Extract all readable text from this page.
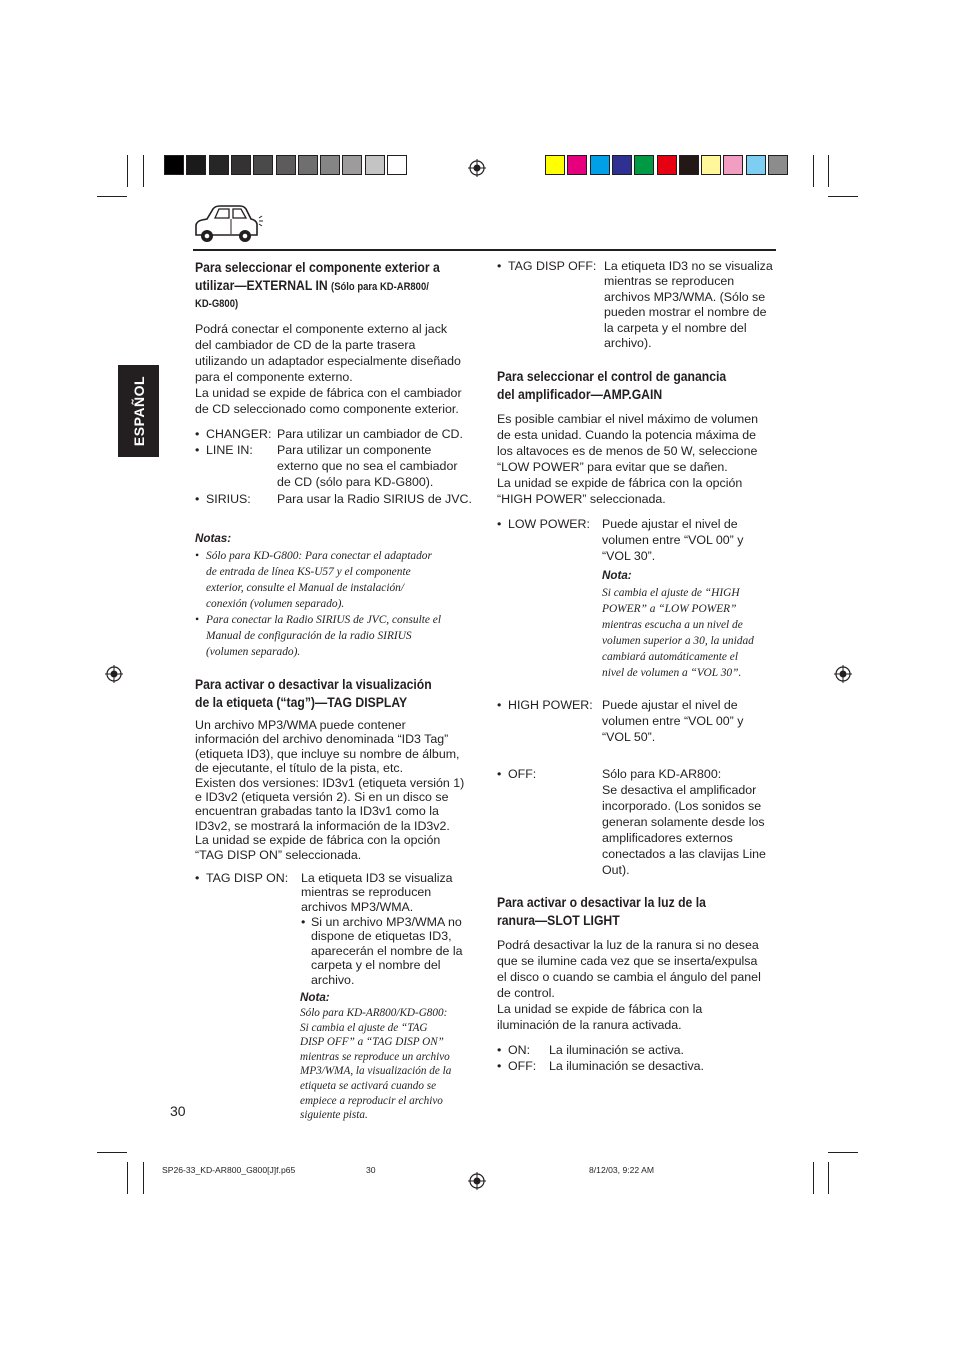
ESPAÑOL
Para seleccionar el componente exterior a
utilizar—EXTERNAL IN (Sólo para KD-AR800/
KD-G800)
Podrá conectar el componente externo al jack
del cambiador de CD de la parte trasera
utilizando un adaptador especialmente diseñado
para el componente externo.
La unidad se expide de fábrica con el cambiador
de CD seleccionado como componente exterior.
• CHANGER: Para utilizar un cambiador de CD.
• LINE IN: Para utilizar un componente
externo que no sea el cambiador
de CD (sólo para KD-G800).
• SIRIUS: Para usar la Radio SIRIUS de JVC.
Notas:
• Sólo para KD-G800: Para conectar el adaptador
de entrada de línea KS-U57 y el componente
exterior, consulte el Manual de instalación/
conexión (volumen separado).
• Para conectar la Radio SIRIUS de JVC, consulte el
Manual de configuración de la radio SIRIUS
(volumen separado).
Para activar o desactivar la visualización
de la etiqueta (“tag”)—TAG DISPLAY
Un archivo MP3/WMA puede contener
información del archivo denominada “ID3 Tag”
(etiqueta ID3), que incluye su nombre de álbum,
de ejecutante, el título de la pista, etc.
Existen dos versiones: ID3v1 (etiqueta versión 1)
e ID3v2 (etiqueta versión 2). Si en un disco se
encuentran grabadas tanto la ID3v1 como la
ID3v2, se mostrará la información de la ID3v2.
La unidad se expide de fábrica con la opción
“TAG DISP ON” seleccionada.
• TAG DISP ON: La etiqueta ID3 se visualiza
mientras se reproducen
archivos MP3/WMA.
• Si un archivo MP3/WMA no
dispone de etiquetas ID3,
aparecerán el nombre de la
carpeta y el nombre del
archivo.
Nota:
Sólo para KD-AR800/KD-G800:
Si cambia el ajuste de “TAG
DISP OFF” a “TAG DISP ON”
mientras se reproduce un archivo
MP3/WMA, la visualización de la
etiqueta se activará cuando se
empiece a reproducir el archivo
siguiente pista.
30
• TAG DISP OFF: La etiqueta ID3 no se visualiza
mientras se reproducen
archivos MP3/WMA. (Sólo se
pueden mostrar el nombre de
la carpeta y el nombre del
archivo).
Para seleccionar el control de ganancia
del amplificador—AMP.GAIN
Es posible cambiar el nivel máximo de volumen
de esta unidad. Cuando la potencia máxima de
los altavoces es de menos de 50 W, seleccione
“LOW POWER” para evitar que se dañen.
La unidad se expide de fábrica con la opción
“HIGH POWER” seleccionada.
• LOW POWER: Puede ajustar el nivel de
volumen entre “VOL 00” y
“VOL 30”.
Nota:
Si cambia el ajuste de “HIGH
POWER” a “LOW POWER”
mientras escucha a un nivel de
volumen superior a 30, la unidad
cambiará automáticamente el
nivel de volumen a “VOL 30”.
• HIGH POWER: Puede ajustar el nivel de
volumen entre “VOL 00” y
“VOL 50”.
• OFF:	Sólo para KD-AR800:
Se desactiva el amplificador
incorporado. (Los sonidos se
generan solamente desde los
amplificadores externos
conectados a las clavijas Line
Out).
Para activar o desactivar la luz de la
ranura—SLOT LIGHT
Podrá desactivar la luz de la ranura si no desea
que se ilumine cada vez que se inserta/expulsa
el disco o cuando se cambia el ángulo del panel
de control.
La unidad se expide de fábrica con la
iluminación de la ranura activada.
• ON: La iluminación se activa.
• OFF: La iluminación se desactiva.
SP26-33_KD-AR800_G800[J]f.p65	30	8/12/03, 9:22 AM
